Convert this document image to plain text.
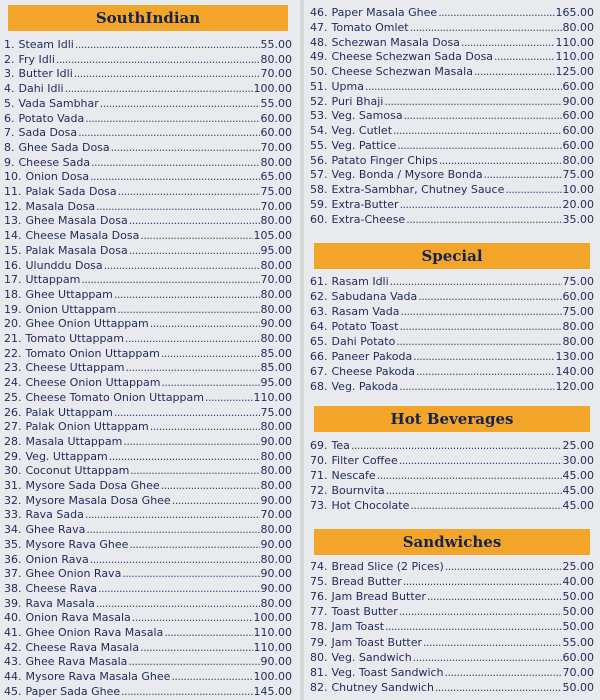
SouthIndian
1. Steam Idli .....	55.00
2. Fry Idli .....	80.00
3. Butter Idli .....	70.00
4. Dahi Idli .....	100.00
5. Vada Sambhar .....	55.00
6. Potato Vada .....	60.00
7. Sada Dosa .....	60.00
8. Ghee Sada Dosa .....	70.00
9. Cheese Sada .....	80.00
10. Onion Dosa .....	65.00
11. Palak Sada Dosa .....	75.00
12. Masala Dosa .....	70.00
13. Ghee Masala Dosa .....	80.00
14. Cheese Masala Dosa .....	105.00
15. Palak Masala Dosa .....	95.00
16. Ulunddu Dosa .....	80.00
17. Uttappam .....	70.00
18. Ghee Uttappam .....	80.00
19. Onion Uttappam .....	80.00
20. Ghee Onion Uttappam .....	90.00
21. Tomato Uttappam .....	80.00
22. Tomato Onion Uttappam .....	85.00
23. Cheese Uttappam .....	85.00
24. Cheese Onion Uttappam .....	95.00
25. Cheese Tomato Onion Uttappam .....	110.00
26. Palak Uttappam .....	75.00
27. Palak Onion Uttappam .....	80.00
28. Masala Uttappam .....	90.00
29. Veg. Uttappam .....	80.00
30. Coconut Uttappam .....	80.00
31. Mysore Sada Dosa Ghee .....	80.00
32. Mysore Masala Dosa Ghee .....	90.00
33. Rava Sada .....	70.00
34. Ghee Rava .....	80.00
35. Mysore Rava Ghee .....	90.00
36. Onion Rava .....	80.00
37. Ghee Onion Rava .....	90.00
38. Cheese Rava .....	90.00
39. Rava Masala .....	80.00
40. Onion Rava Masala .....	100.00
41. Ghee Onion Rava Masala .....	110.00
42. Cheese Rava Masala .....	110.00
43. Ghee Rava Masala .....	90.00
44. Mysore Rava Masala Ghee .....	100.00
45. Paper Sada Ghee .....	145.00
46. Paper Masala Ghee .....	165.00
47. Tomato Omlet .....	80.00
48. Schezwan Masala Dosa .....	110.00
49. Cheese Schezwan Sada Dosa .....	110.00
50. Cheese Schezwan Masala .....	125.00
51. Upma .....	60.00
52. Puri Bhaji .....	90.00
53. Veg. Samosa .....	60.00
54. Veg. Cutlet .....	60.00
55. Veg. Pattice .....	60.00
56. Patato Finger Chips .....	80.00
57. Veg. Bonda / Mysore Bonda .....	75.00
58. Extra-Sambhar, Chutney Sauce .....	10.00
59. Extra-Butter .....	20.00
60. Extra-Cheese .....	35.00
Special
61. Rasam Idli .....	75.00
62. Sabudana Vada .....	60.00
63. Rasam Vada .....	75.00
64. Potato Toast .....	80.00
65. Dahi Potato .....	80.00
66. Paneer Pakoda .....	130.00
67. Cheese Pakoda .....	140.00
68. Veg. Pakoda .....	120.00
Hot Beverages
69. Tea .....	25.00
70. Filter Coffee .....	30.00
71. Nescafe .....	45.00
72. Bournvita .....	45.00
73. Hot Chocolate .....	45.00
Sandwiches
74. Bread Slice (2 Pices) .....	25.00
75. Bread Butter .....	40.00
76. Jam Bread Butter .....	50.00
77. Toast Butter .....	50.00
78. Jam Toast .....	50.00
79. Jam Toast Butter .....	55.00
80. Veg. Sandwich .....	60.00
81. Veg. Toast Sandwich .....	70.00
82. Chutney Sandwich .....	50.00
